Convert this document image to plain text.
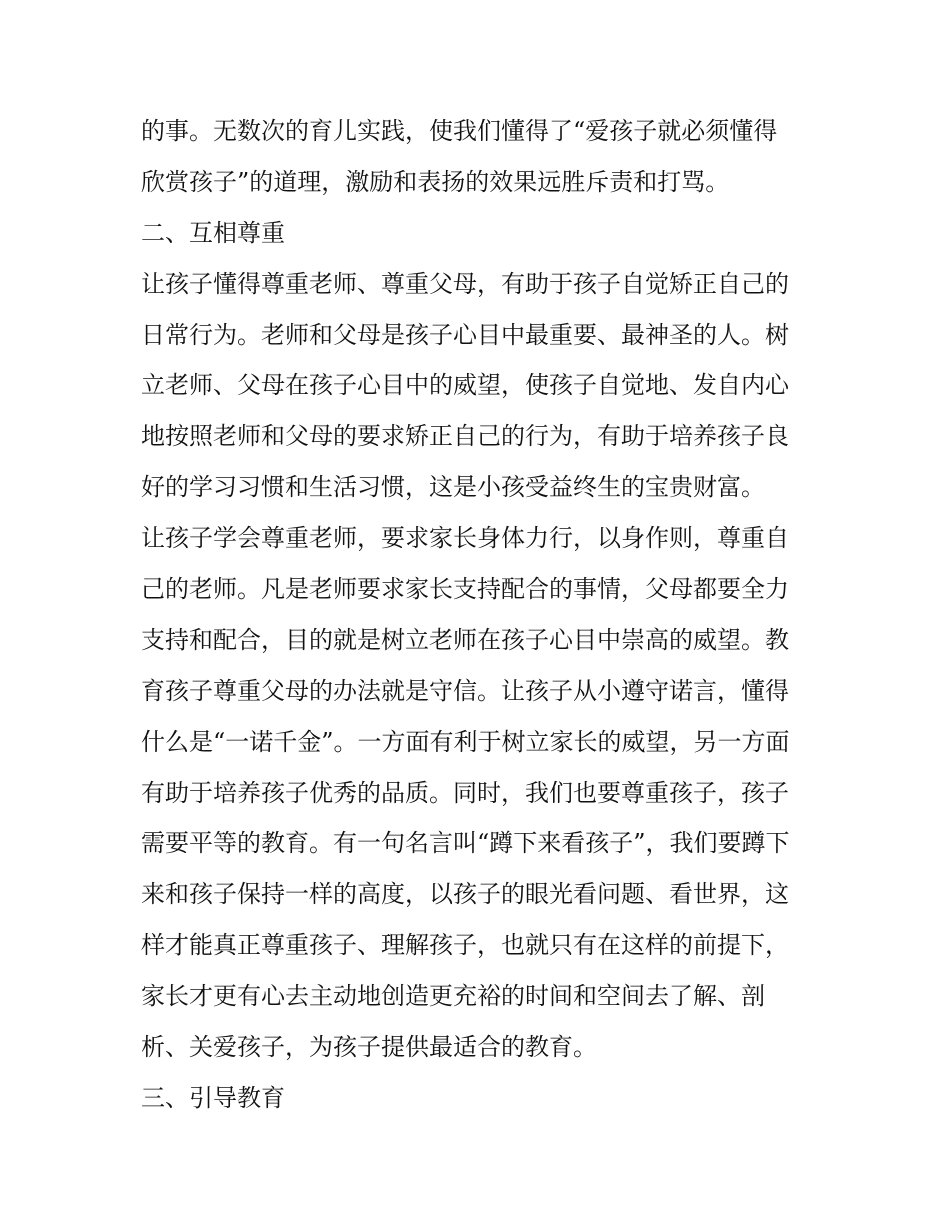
的事。无数次的育儿实践，使我们懂得了“爱孩子就必须懂得
欣赏孩子”的道理，激励和表扬的效果远胜斥责和打骂。
二、互相尊重
让孩子懂得尊重老师、尊重父母，有助于孩子自觉矫正自己的
日常行为。老师和父母是孩子心目中最重要、最神圣的人。树
立老师、父母在孩子心目中的威望，使孩子自觉地、发自内心
地按照老师和父母的要求矫正自己的行为，有助于培养孩子良
好的学习习惯和生活习惯，这是小孩受益终生的宝贵财富。
让孩子学会尊重老师，要求家长身体力行，以身作则，尊重自
己的老师。凡是老师要求家长支持配合的事情，父母都要全力
支持和配合，目的就是树立老师在孩子心目中崇高的威望。教
育孩子尊重父母的办法就是守信。让孩子从小遵守诺言，懂得
什么是“一诺千金”。一方面有利于树立家长的威望，另一方面
有助于培养孩子优秀的品质。同时，我们也要尊重孩子，孩子
需要平等的教育。有一句名言叫“蹲下来看孩子”，我们要蹲下
来和孩子保持一样的高度，以孩子的眼光看问题、看世界，这
样才能真正尊重孩子、理解孩子，也就只有在这样的前提下，
家长才更有心去主动地创造更充裕的时间和空间去了解、剖
析、关爱孩子，为孩子提供最适合的教育。
三、引导教育
